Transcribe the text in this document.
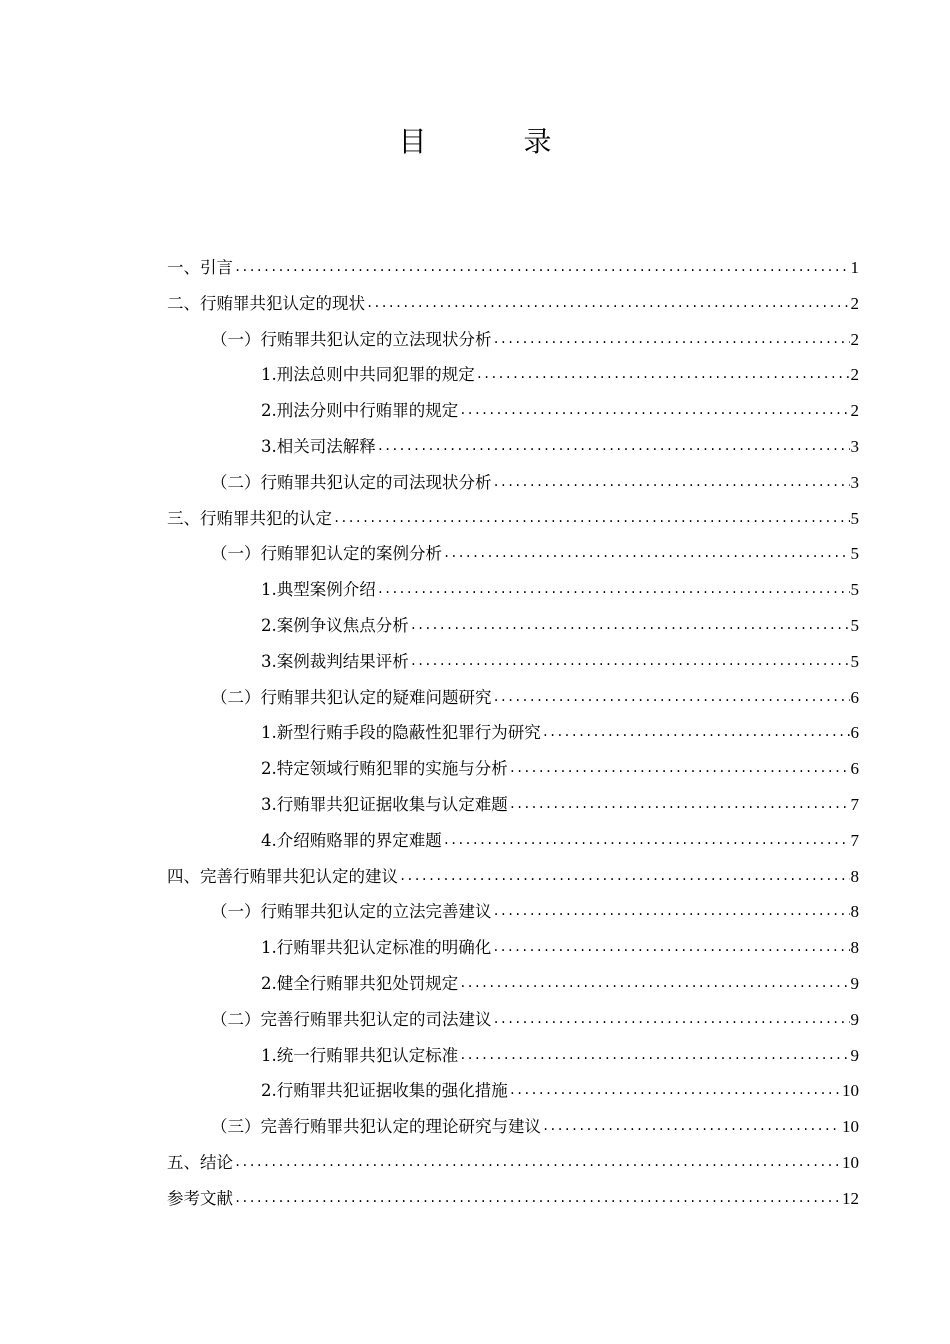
目 录
一、引言 .....	1
二、行贿罪共犯认定的现状 .....	2
（一）行贿罪共犯认定的立法现状分析 .....	2
1.刑法总则中共同犯罪的规定 .....	2
2.刑法分则中行贿罪的规定 .....	2
3.相关司法解释 .....	3
（二）行贿罪共犯认定的司法现状分析 .....	3
三、行贿罪共犯的认定 .....	5
（一）行贿罪犯认定的案例分析 .....	5
1.典型案例介绍 .....	5
2.案例争议焦点分析 .....	5
3.案例裁判结果评析 .....	5
（二）行贿罪共犯认定的疑难问题研究 .....	6
1.新型行贿手段的隐蔽性犯罪行为研究 .....	6
2.特定领域行贿犯罪的实施与分析 .....	6
3.行贿罪共犯证据收集与认定难题 .....	7
4.介绍贿赂罪的界定难题 .....	7
四、完善行贿罪共犯认定的建议 .....	8
（一）行贿罪共犯认定的立法完善建议 .....	8
1.行贿罪共犯认定标准的明确化 .....	8
2.健全行贿罪共犯处罚规定 .....	9
（二）完善行贿罪共犯认定的司法建议 .....	9
1.统一行贿罪共犯认定标准 .....	9
2.行贿罪共犯证据收集的强化措施 .....	10
（三）完善行贿罪共犯认定的理论研究与建议 .....	10
五、结论 .....	10
参考文献 .....	12
